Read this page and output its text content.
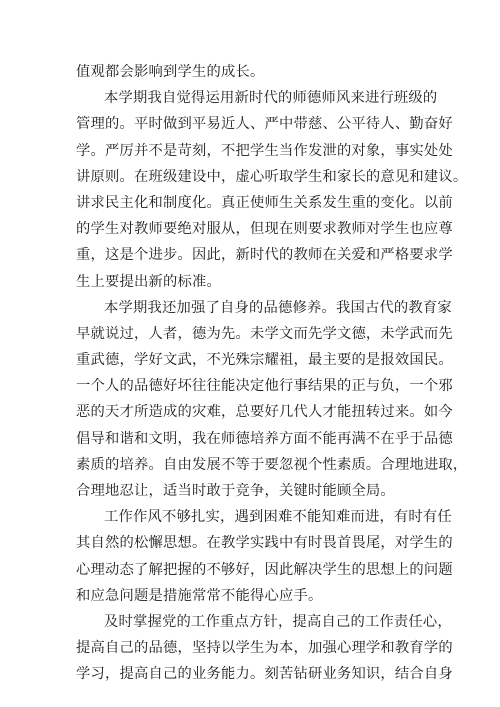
值观都会影响到学生的成长。
本学期我自觉得运用新时代的师德师风来进行班级的
管理的。平时做到平易近人、严中带慈、公平待人、勤奋好
学。严厉并不是苛刻，不把学生当作发泄的对象，事实处处
讲原则。在班级建设中，虚心听取学生和家长的意见和建议。
讲求民主化和制度化。真正使师生关系发生重的变化。以前
的学生对教师要绝对服从，但现在则要求教师对学生也应尊
重，这是个进步。因此，新时代的教师在关爱和严格要求学
生上要提出新的标准。
本学期我还加强了自身的品德修养。我国古代的教育家
早就说过，人者，德为先。未学文而先学文德，未学武而先
重武德，学好文武，不光殊宗耀祖，最主要的是报效国民。
一个人的品德好坏往往能决定他行事结果的正与负，一个邪
恶的天才所造成的灾难，总要好几代人才能扭转过来。如今
倡导和谐和文明，我在师德培养方面不能再满不在乎于品德
素质的培养。自由发展不等于要忽视个性素质。合理地进取，
合理地忍让，适当时敢于竞争，关键时能顾全局。
工作作风不够扎实，遇到困难不能知难而进，有时有任
其自然的松懈思想。在教学实践中有时畏首畏尾，对学生的
心理动态了解把握的不够好，因此解决学生的思想上的问题
和应急问题是措施常常不能得心应手。
及时掌握党的工作重点方针，提高自己的工作责任心，
提高自己的品德，坚持以学生为本，加强心理学和教育学的
学习，提高自己的业务能力。刻苦钻研业务知识，结合自身
